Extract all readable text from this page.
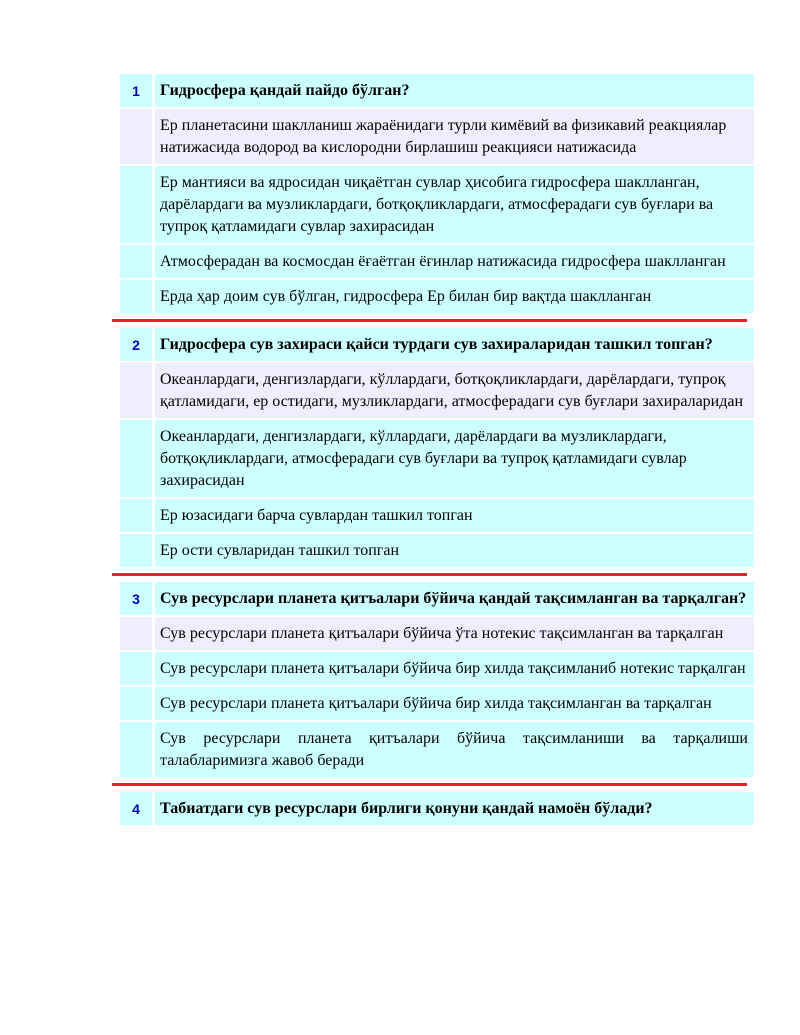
1	Гидросфера қандай пайдо бўлган?
Ер планетасини шаклланиш жараёнидаги турли кимёвий ва физикавий реакциялар натижасида водород ва кислородни бирлашиш реакцияси натижасида
Ер мантияси ва ядросидан чиқаётган сувлар ҳисобига гидросфера шаклланган, дарёлардаги ва музликлардаги, ботқоқликлардаги, атмосферадаги сув буғлари ва тупроқ қатламидаги сувлар захирасидан
Атмосферадан ва космосдан ёғаётган ёғинлар натижасида гидросфера шаклланган
Ерда ҳар доим сув бўлган, гидросфера Ер билан бир вақтда шаклланган
2	Гидросфера сув захираси қайси турдаги сув захираларидан ташкил топган?
Океанлардаги, денгизлардаги, кўллардаги, ботқоқликлардаги, дарёлардаги, тупроқ қатламидаги, ер остидаги, музликлардаги, атмосферадаги сув буғлари захираларидан
Океанлардаги, денгизлардаги, кўллардаги, дарёлардаги ва музликлардаги, ботқоқликлардаги, атмосферадаги сув буғлари ва тупроқ қатламидаги сувлар захирасидан
Ер юзасидаги барча сувлардан ташкил топган
Ер ости сувларидан ташкил топган
3	Сув ресурслари планета қитъалари бўйича қандай тақсимланган ва тарқалган?
Сув ресурслари планета қитъалари бўйича ўта нотекис тақсимланган ва тарқалган
Сув ресурслари планета қитъалари бўйича бир хилда тақсимланиб нотекис тарқалган
Сув ресурслари планета қитъалари бўйича бир хилда тақсимланган ва тарқалган
Сув ресурслари планета қитъалари бўйича тақсимланиши ва тарқалиши талабларимизга жавоб беради
4	Табиатдаги сув ресурслари бирлиги қонуни қандай намоён бўлади?
